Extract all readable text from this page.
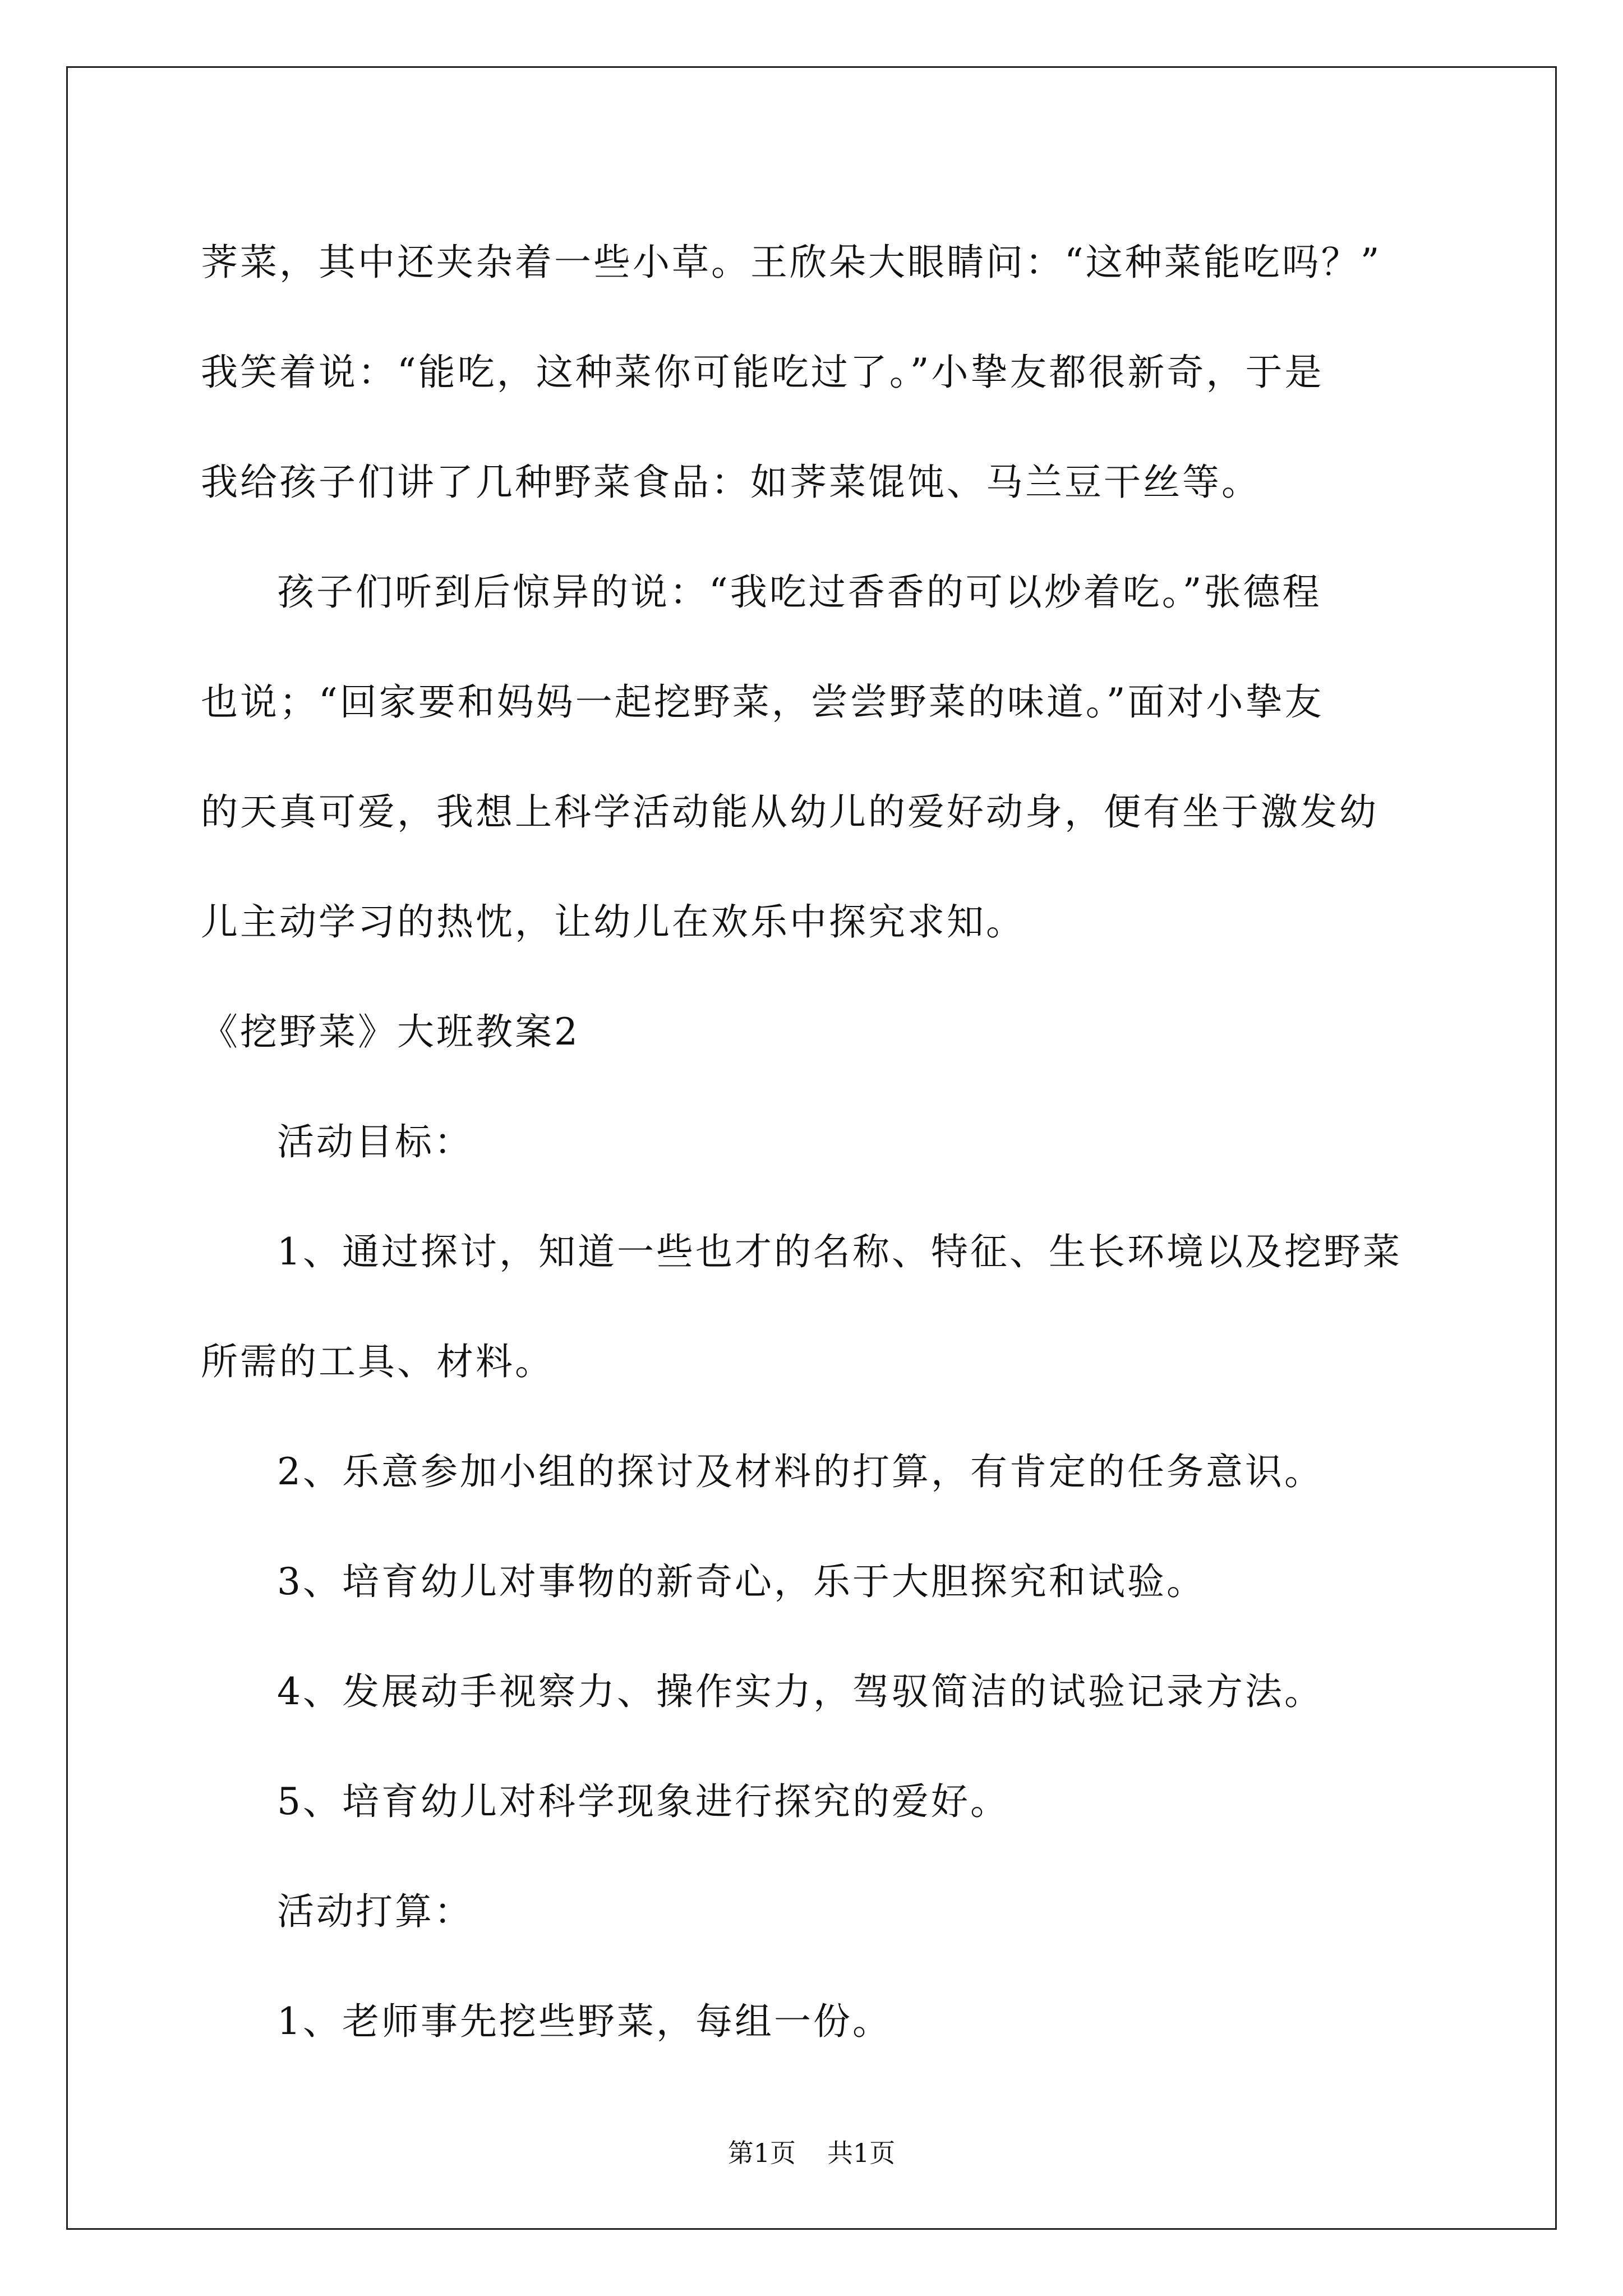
荠菜，其中还夹杂着一些小草。王欣朵大眼睛问：“这种菜能吃吗？”
我笑着说：“能吃，这种菜你可能吃过了。”小挚友都很新奇，于是
我给孩子们讲了几种野菜食品：如荠菜馄饨、马兰豆干丝等。
孩子们听到后惊异的说：“我吃过香香的可以炒着吃。”张德程
也说；“回家要和妈妈一起挖野菜，尝尝野菜的味道。”面对小挚友
的天真可爱，我想上科学活动能从幼儿的爱好动身，便有坐于激发幼
儿主动学习的热忱，让幼儿在欢乐中探究求知。
《挖野菜》大班教案2
活动目标：
1、通过探讨，知道一些也才的名称、特征、生长环境以及挖野菜
所需的工具、材料。
2、乐意参加小组的探讨及材料的打算，有肯定的任务意识。
3、培育幼儿对事物的新奇心，乐于大胆探究和试验。
4、发展动手视察力、操作实力，驾驭简洁的试验记录方法。
5、培育幼儿对科学现象进行探究的爱好。
活动打算：
1、老师事先挖些野菜，每组一份。
第1页 共1页
